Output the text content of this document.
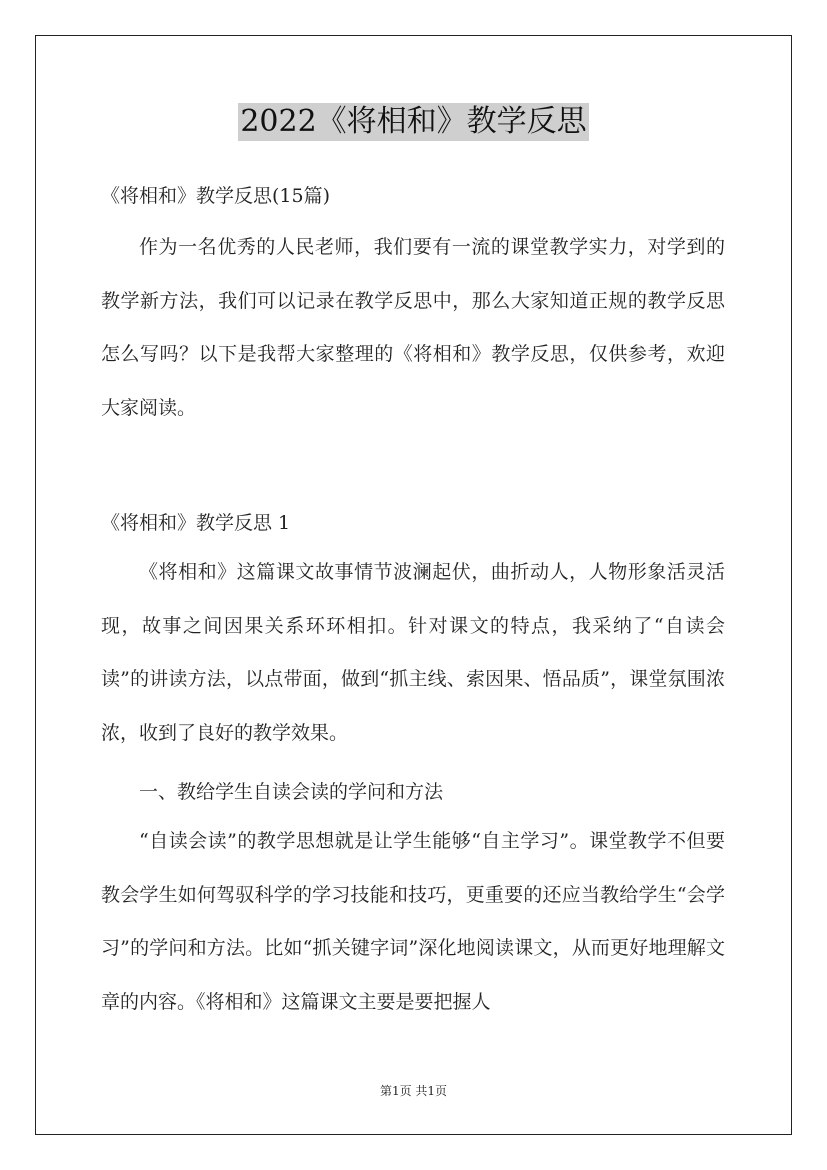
2022《将相和》教学反思
《将相和》教学反思(15篇)

作为一名优秀的人民老师，我们要有一流的课堂教学实力，对学到的教学新方法，我们可以记录在教学反思中，那么大家知道正规的教学反思怎么写吗？以下是我帮大家整理的《将相和》教学反思，仅供参考，欢迎大家阅读。

《将相和》教学反思 1

《将相和》这篇课文故事情节波澜起伏，曲折动人，人物形象活灵活现，故事之间因果关系环环相扣。针对课文的特点，我采纳了“自读会读”的讲读方法，以点带面，做到“抓主线、索因果、悟品质”，课堂氛围浓浓，收到了良好的教学效果。

一、教给学生自读会读的学问和方法

“自读会读”的教学思想就是让学生能够“自主学习”。课堂教学不但要教会学生如何驾驭科学的学习技能和技巧，更重要的还应当教给学生“会学习”的学问和方法。比如“抓关键字词”深化地阅读课文，从而更好地理解文章的内容。《将相和》这篇课文主要是要把握人

第1页 共1页
